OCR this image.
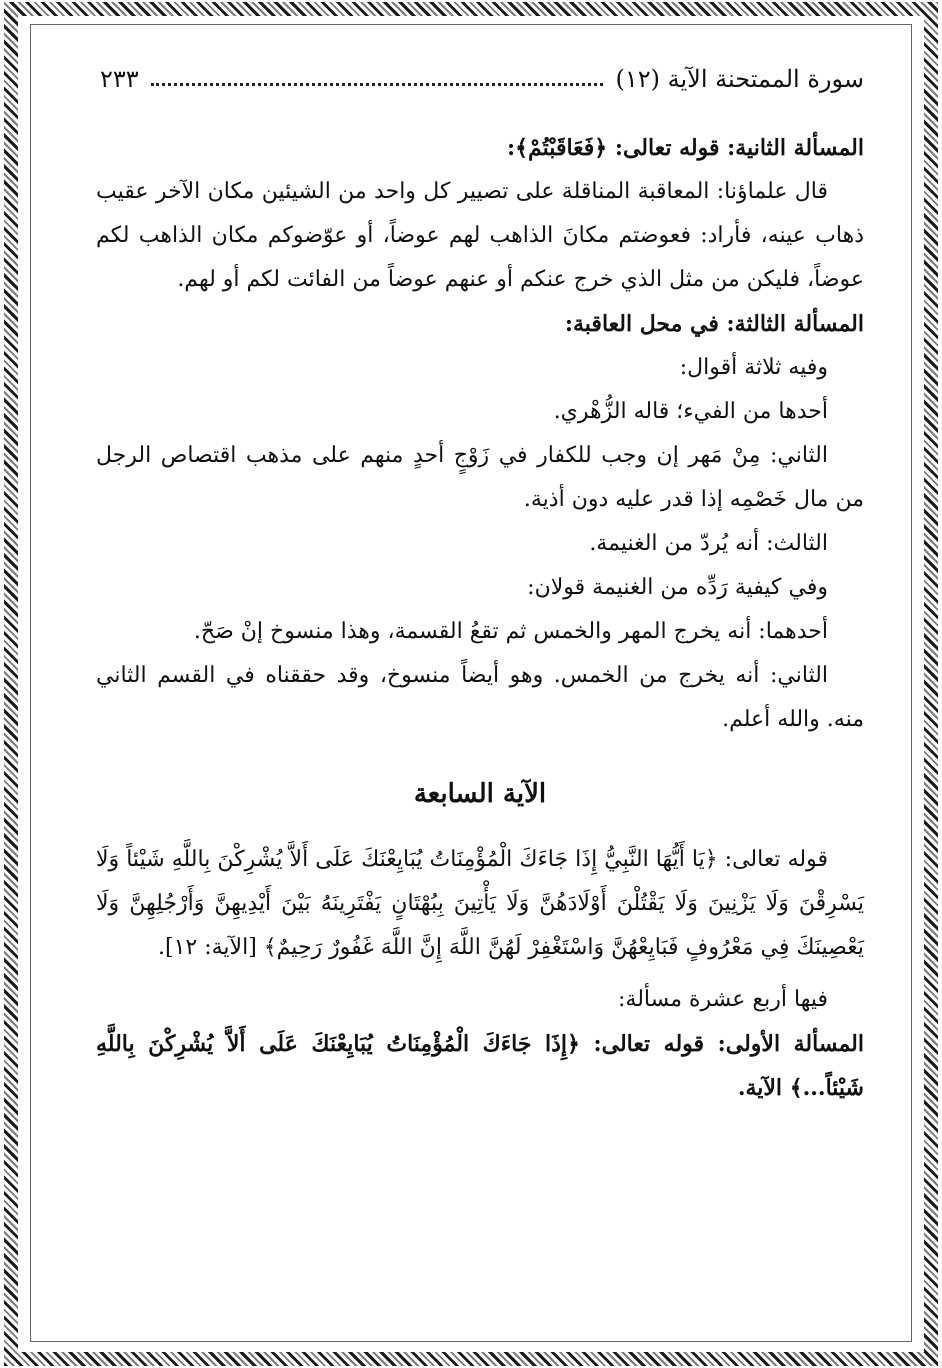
سورة الممتحنة الآية (١٢)
٢٣٣

المسألة الثانية: قوله تعالى: ﴿فَعَاقَبْتُمْ﴾:

قال علماؤنا: المعاقبة المناقلة على تصيير كل واحد من الشيئين مكان الآخر عقيب ذهاب عينه، فأراد: فعوضتم مكانَ الذاهب لهم عوضاً، أو عوّضوكم مكان الذاهب لكم عوضاً، فليكن من مثل الذي خرج عنكم أو عنهم عوضاً من الفائت لكم أو لهم.

المسألة الثالثة: في محل العاقبة:

وفيه ثلاثة أقوال:

أحدها من الفيء؛ قاله الزُّهْري.

الثاني: مِنْ مَهر إن وجب للكفار في زَوْجٍ أحدٍ منهم على مذهب اقتصاص الرجل من مال خَصْمِه إذا قدر عليه دون أذية.

الثالث: أنه يُردّ من الغنيمة.

وفي كيفية رَدِّه من الغنيمة قولان:

أحدهما: أنه يخرج المهر والخمس ثم تقعُ القسمة، وهذا منسوخ إنْ صَحّ.

الثاني: أنه يخرج من الخمس. وهو أيضاً منسوخ، وقد حققناه في القسم الثاني منه. والله أعلم.

الآية السابعة

قوله تعالى: ﴿يَا أَيُّهَا النَّبِيُّ إِذَا جَاءَكَ الْمُؤْمِنَاتُ يُبَايِعْنَكَ عَلَى أَلاَّ يُشْرِكْنَ بِاللَّهِ شَيْئاً وَلَا يَسْرِقْنَ وَلَا يَزْنِينَ وَلَا يَقْتُلْنَ أَوْلَادَهُنَّ وَلَا يَأْتِينَ بِبُهْتَانٍ يَفْتَرِينَهُ بَيْنَ أَيْدِيهِنَّ وَأَرْجُلِهِنَّ وَلَا يَعْصِينَكَ فِي مَعْرُوفٍ فَبَايِعْهُنَّ وَاسْتَغْفِرْ لَهُنَّ اللَّهَ إِنَّ اللَّهَ غَفُورٌ رَحِيمٌ﴾ [الآية: ١٢].

فيها أربع عشرة مسألة:

المسألة الأولى: قوله تعالى: ﴿إِذَا جَاءَكَ الْمُؤْمِنَاتُ يُبَايِعْنَكَ عَلَى أَلاَّ يُشْرِكْنَ بِاللَّهِ شَيْئاً...﴾ الآية.
